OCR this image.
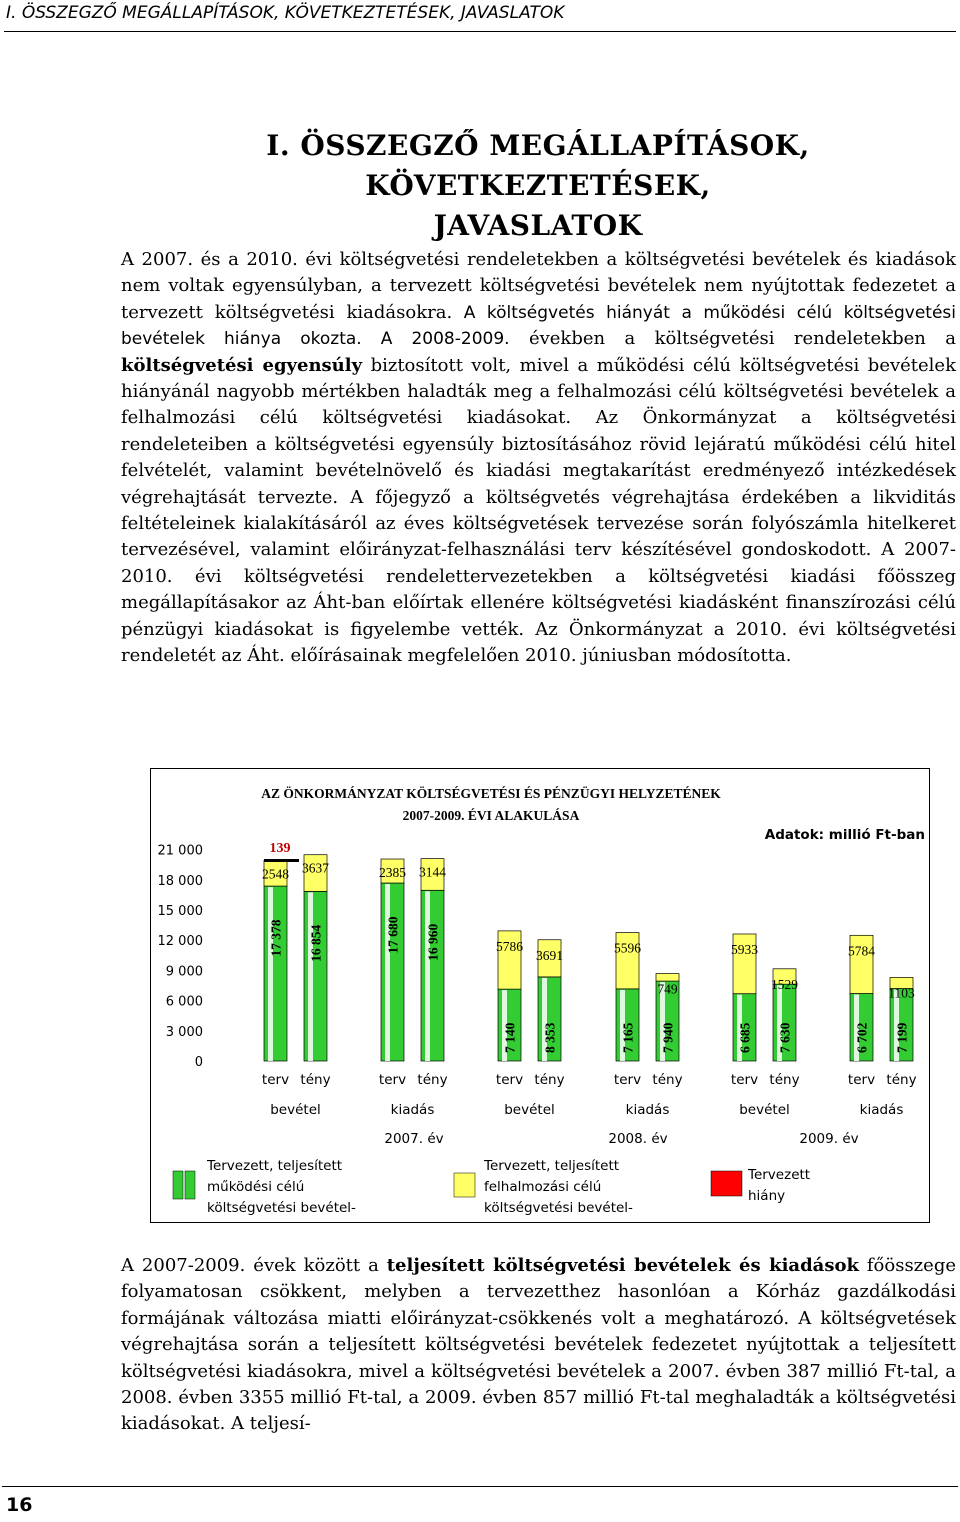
I. ÖSSZEGZŐ MEGÁLLAPÍTÁSOK, KÖVETKEZTETÉSEK, JAVASLATOK
I. ÖSSZEGZŐ MEGÁLLAPÍTÁSOK, KÖVETKEZTETÉSEK,
JAVASLATOK
A 2007. és a 2010. évi költségvetési rendeletekben a költségvetési bevételek és kiadások nem voltak egyensúlyban, a tervezett költségvetési bevételek nem nyújtottak fedezetet a tervezett költségvetési kiadásokra. A költségvetés hiányát a működési célú költségvetési bevételek hiánya okozta. A 2008-2009. években a költségvetési rendeletekben a költségvetési egyensúly biztosított volt, mivel a működési célú költségvetési bevételek hiányánál nagyobb mértékben haladták meg a felhalmozási célú költségvetési bevételek a felhalmozási célú költségvetési kiadásokat. Az Önkormányzat a költségvetési rendeleteiben a költségvetési egyensúly biztosításához rövid lejáratú működési célú hitel felvételét, valamint bevételnövelő és kiadási megtakarítást eredményező intézkedések végrehajtását tervezte. A főjegyző a költségvetés végrehajtása érdekében a likviditás feltételeinek kialakításáról az éves költségvetések tervezése során folyószámla hitelkeret tervezésével, valamint előirányzat-felhasználási terv készítésével gondoskodott. A 2007-2010. évi költségvetési rendelettervezetekben a költségvetési kiadási főösszeg megállapításakor az Áht-ban előírtak ellenére költségvetési kiadásként finanszírozási célú pénzügyi kiadásokat is figyelembe vették. Az Önkormányzat a 2010. évi költségvetési rendeletét az Áht. előírásainak megfelelően 2010. júniusban módosította.
AZ ÖNKORMÁNYZAT KÖLTSÉGVETÉSI ÉS PÉNZÜGYI HELYZETÉNEK
2007-2009. ÉVI ALAKULÁSA
Adatok: millió Ft-ban
0
3 000
6 000
9 000
12 000
15 000
18 000
21 000
17 378
2548
139
16 854
3637
17 680
2385
16 960
3144
7 140
5786
8 353
3691
7 165
5596
7 940
749
6 685
5933
7 630
1529
6 702
5784
7 199
1103
terv tény	terv tény	terv tény	terv tény	terv tény	terv tény
bevétel	kiadás	bevétel	kiadás	bevétel	kiadás
2007. év	2008. év	2009. év
Tervezett, teljesített működési célú költségvetési bevétel-
Tervezett, teljesített felhalmozási célú költségvetési bevétel-
Tervezett hiány
A 2007-2009. évek között a teljesített költségvetési bevételek és kiadások főösszege folyamatosan csökkent, melyben a tervezetthez hasonlóan a Kórház gazdálkodási formájának változása miatti előirányzat-csökkenés volt a meghatározó. A költségvetések végrehajtása során a teljesített költségvetési bevételek fedezetet nyújtottak a teljesített költségvetési kiadásokra, mivel a költségvetési bevételek a 2007. évben 387 millió Ft-tal, a 2008. évben 3355 millió Ft-tal, a 2009. évben 857 millió Ft-tal meghaladták a költségvetési kiadásokat. A teljesí-
16
